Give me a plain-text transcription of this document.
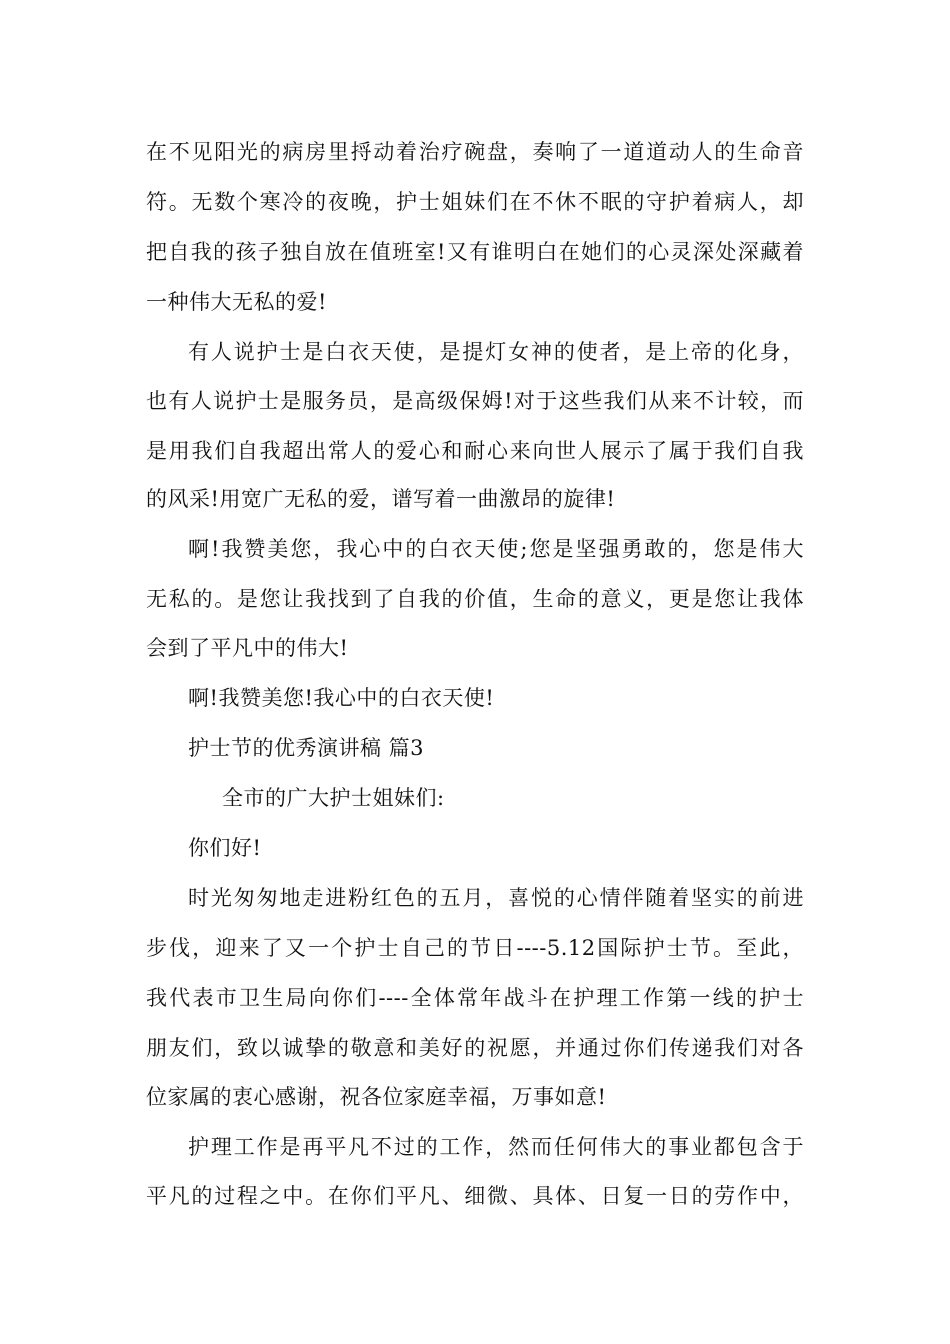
在不见阳光的病房里捋动着治疗碗盘，奏响了一道道动人的生命音
符。无数个寒冷的夜晚，护士姐妹们在不休不眠的守护着病人，却
把自我的孩子独自放在值班室!又有谁明白在她们的心灵深处深藏着
一种伟大无私的爱!
有人说护士是白衣天使，是提灯女神的使者，是上帝的化身，
也有人说护士是服务员，是高级保姆!对于这些我们从来不计较，而
是用我们自我超出常人的爱心和耐心来向世人展示了属于我们自我
的风采!用宽广无私的爱，谱写着一曲激昂的旋律!
啊!我赞美您，我心中的白衣天使;您是坚强勇敢的，您是伟大
无私的。是您让我找到了自我的价值，生命的意义，更是您让我体
会到了平凡中的伟大!
啊!我赞美您!我心中的白衣天使!
护士节的优秀演讲稿 篇3
全市的广大护士姐妹们:
你们好!
时光匆匆地走进粉红色的五月，喜悦的心情伴随着坚实的前进
步伐，迎来了又一个护士自己的节日----5.12国际护士节。至此，
我代表市卫生局向你们----全体常年战斗在护理工作第一线的护士
朋友们，致以诚挚的敬意和美好的祝愿，并通过你们传递我们对各
位家属的衷心感谢，祝各位家庭幸福，万事如意!
护理工作是再平凡不过的工作，然而任何伟大的事业都包含于
平凡的过程之中。在你们平凡、细微、具体、日复一日的劳作中，
